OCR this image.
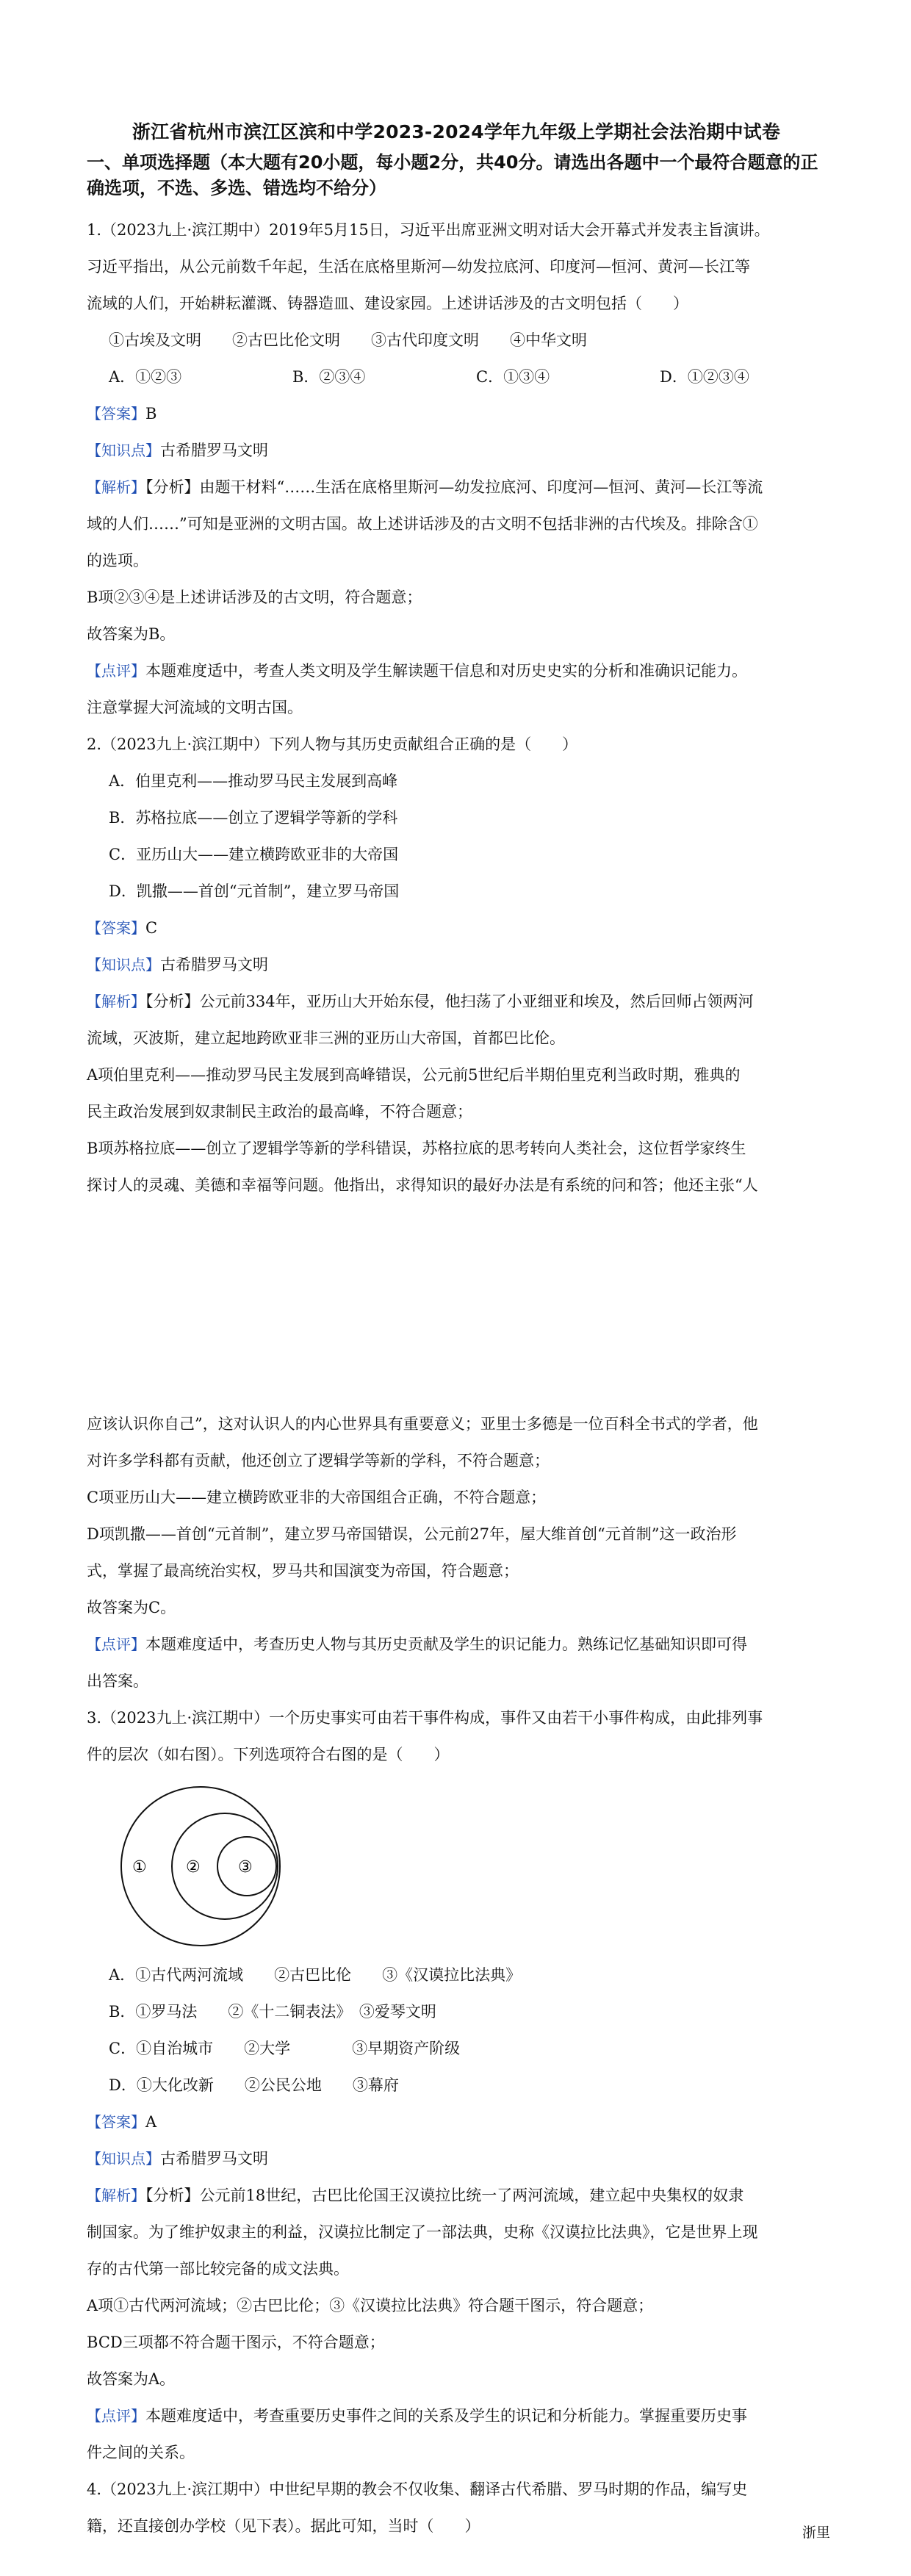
浙江省杭州市滨江区滨和中学2023-2024学年九年级上学期社会法治期中试卷
一、单项选择题（本大题有20小题，每小题2分，共40分。请选出各题中一个最符合题意的正确选项，不选、多选、错选均不给分）

1.（2023九上·滨江期中）2019年5月15日，习近平出席亚洲文明对话大会开幕式并发表主旨演讲。

习近平指出，从公元前数千年起，生活在底格里斯河—幼发拉底河、印度河—恒河、黄河—长江等

流域的人们，开始耕耘灌溉、铸器造皿、建设家园。上述讲话涉及的古文明包括（　　）

①古埃及文明　　②古巴比伦文明　　③古代印度文明　　④中华文明

A．①②③	B．②③④	C．①③④	D．①②③④

【答案】B

【知识点】古希腊罗马文明

【解析】【分析】由题干材料“……生活在底格里斯河—幼发拉底河、印度河—恒河、黄河—长江等流

域的人们……”可知是亚洲的文明古国。故上述讲话涉及的古文明不包括非洲的古代埃及。排除含①

的选项。

B项②③④是上述讲话涉及的古文明，符合题意；

故答案为B。

【点评】本题难度适中，考查人类文明及学生解读题干信息和对历史史实的分析和准确识记能力。

注意掌握大河流域的文明古国。

2.（2023九上·滨江期中）下列人物与其历史贡献组合正确的是（　　）

A．伯里克利——推动罗马民主发展到高峰

B．苏格拉底——创立了逻辑学等新的学科

C．亚历山大——建立横跨欧亚非的大帝国

D．凯撒——首创“元首制”，建立罗马帝国

【答案】C

【知识点】古希腊罗马文明

【解析】【分析】公元前334年，亚历山大开始东侵，他扫荡了小亚细亚和埃及，然后回师占领两河

流域，灭波斯，建立起地跨欧亚非三洲的亚历山大帝国，首都巴比伦。

A项伯里克利——推动罗马民主发展到高峰错误，公元前5世纪后半期伯里克利当政时期，雅典的

民主政治发展到奴隶制民主政治的最高峰，不符合题意；

B项苏格拉底——创立了逻辑学等新的学科错误，苏格拉底的思考转向人类社会，这位哲学家终生

探讨人的灵魂、美德和幸福等问题。他指出，求得知识的最好办法是有系统的问和答；他还主张“人

应该认识你自己”，这对认识人的内心世界具有重要意义；亚里士多德是一位百科全书式的学者，他

对许多学科都有贡献，他还创立了逻辑学等新的学科，不符合题意；

C项亚历山大——建立横跨欧亚非的大帝国组合正确，不符合题意；

D项凯撒——首创“元首制”，建立罗马帝国错误，公元前27年，屋大维首创“元首制”这一政治形

式，掌握了最高统治实权，罗马共和国演变为帝国，符合题意；

故答案为C。

【点评】本题难度适中，考查历史人物与其历史贡献及学生的识记能力。熟练记忆基础知识即可得

出答案。

3.（2023九上·滨江期中）一个历史事实可由若干事件构成，事件又由若干小事件构成，由此排列事

件的层次（如右图）。下列选项符合右图的是（　　）

① ② ③

A．①古代两河流域　　②古巴比伦　　③《汉谟拉比法典》

B．①罗马法　　②《十二铜表法》　③爱琴文明

C．①自治城市　　②大学　　　　③早期资产阶级

D．①大化改新　　②公民公地　　③幕府

【答案】A

【知识点】古希腊罗马文明

【解析】【分析】公元前18世纪，古巴比伦国王汉谟拉比统一了两河流域，建立起中央集权的奴隶

制国家。为了维护奴隶主的利益，汉谟拉比制定了一部法典，史称《汉谟拉比法典》，它是世界上现

存的古代第一部比较完备的成文法典。

A项①古代两河流域；②古巴比伦；③《汉谟拉比法典》符合题干图示，符合题意；

BCD三项都不符合题干图示，不符合题意；

故答案为A。

【点评】本题难度适中，考查重要历史事件之间的关系及学生的识记和分析能力。掌握重要历史事

件之间的关系。

4.（2023九上·滨江期中）中世纪早期的教会不仅收集、翻译古代希腊、罗马时期的作品，编写史

籍，还直接创办学校（见下表）。据此可知，当时（　　）	浙里
